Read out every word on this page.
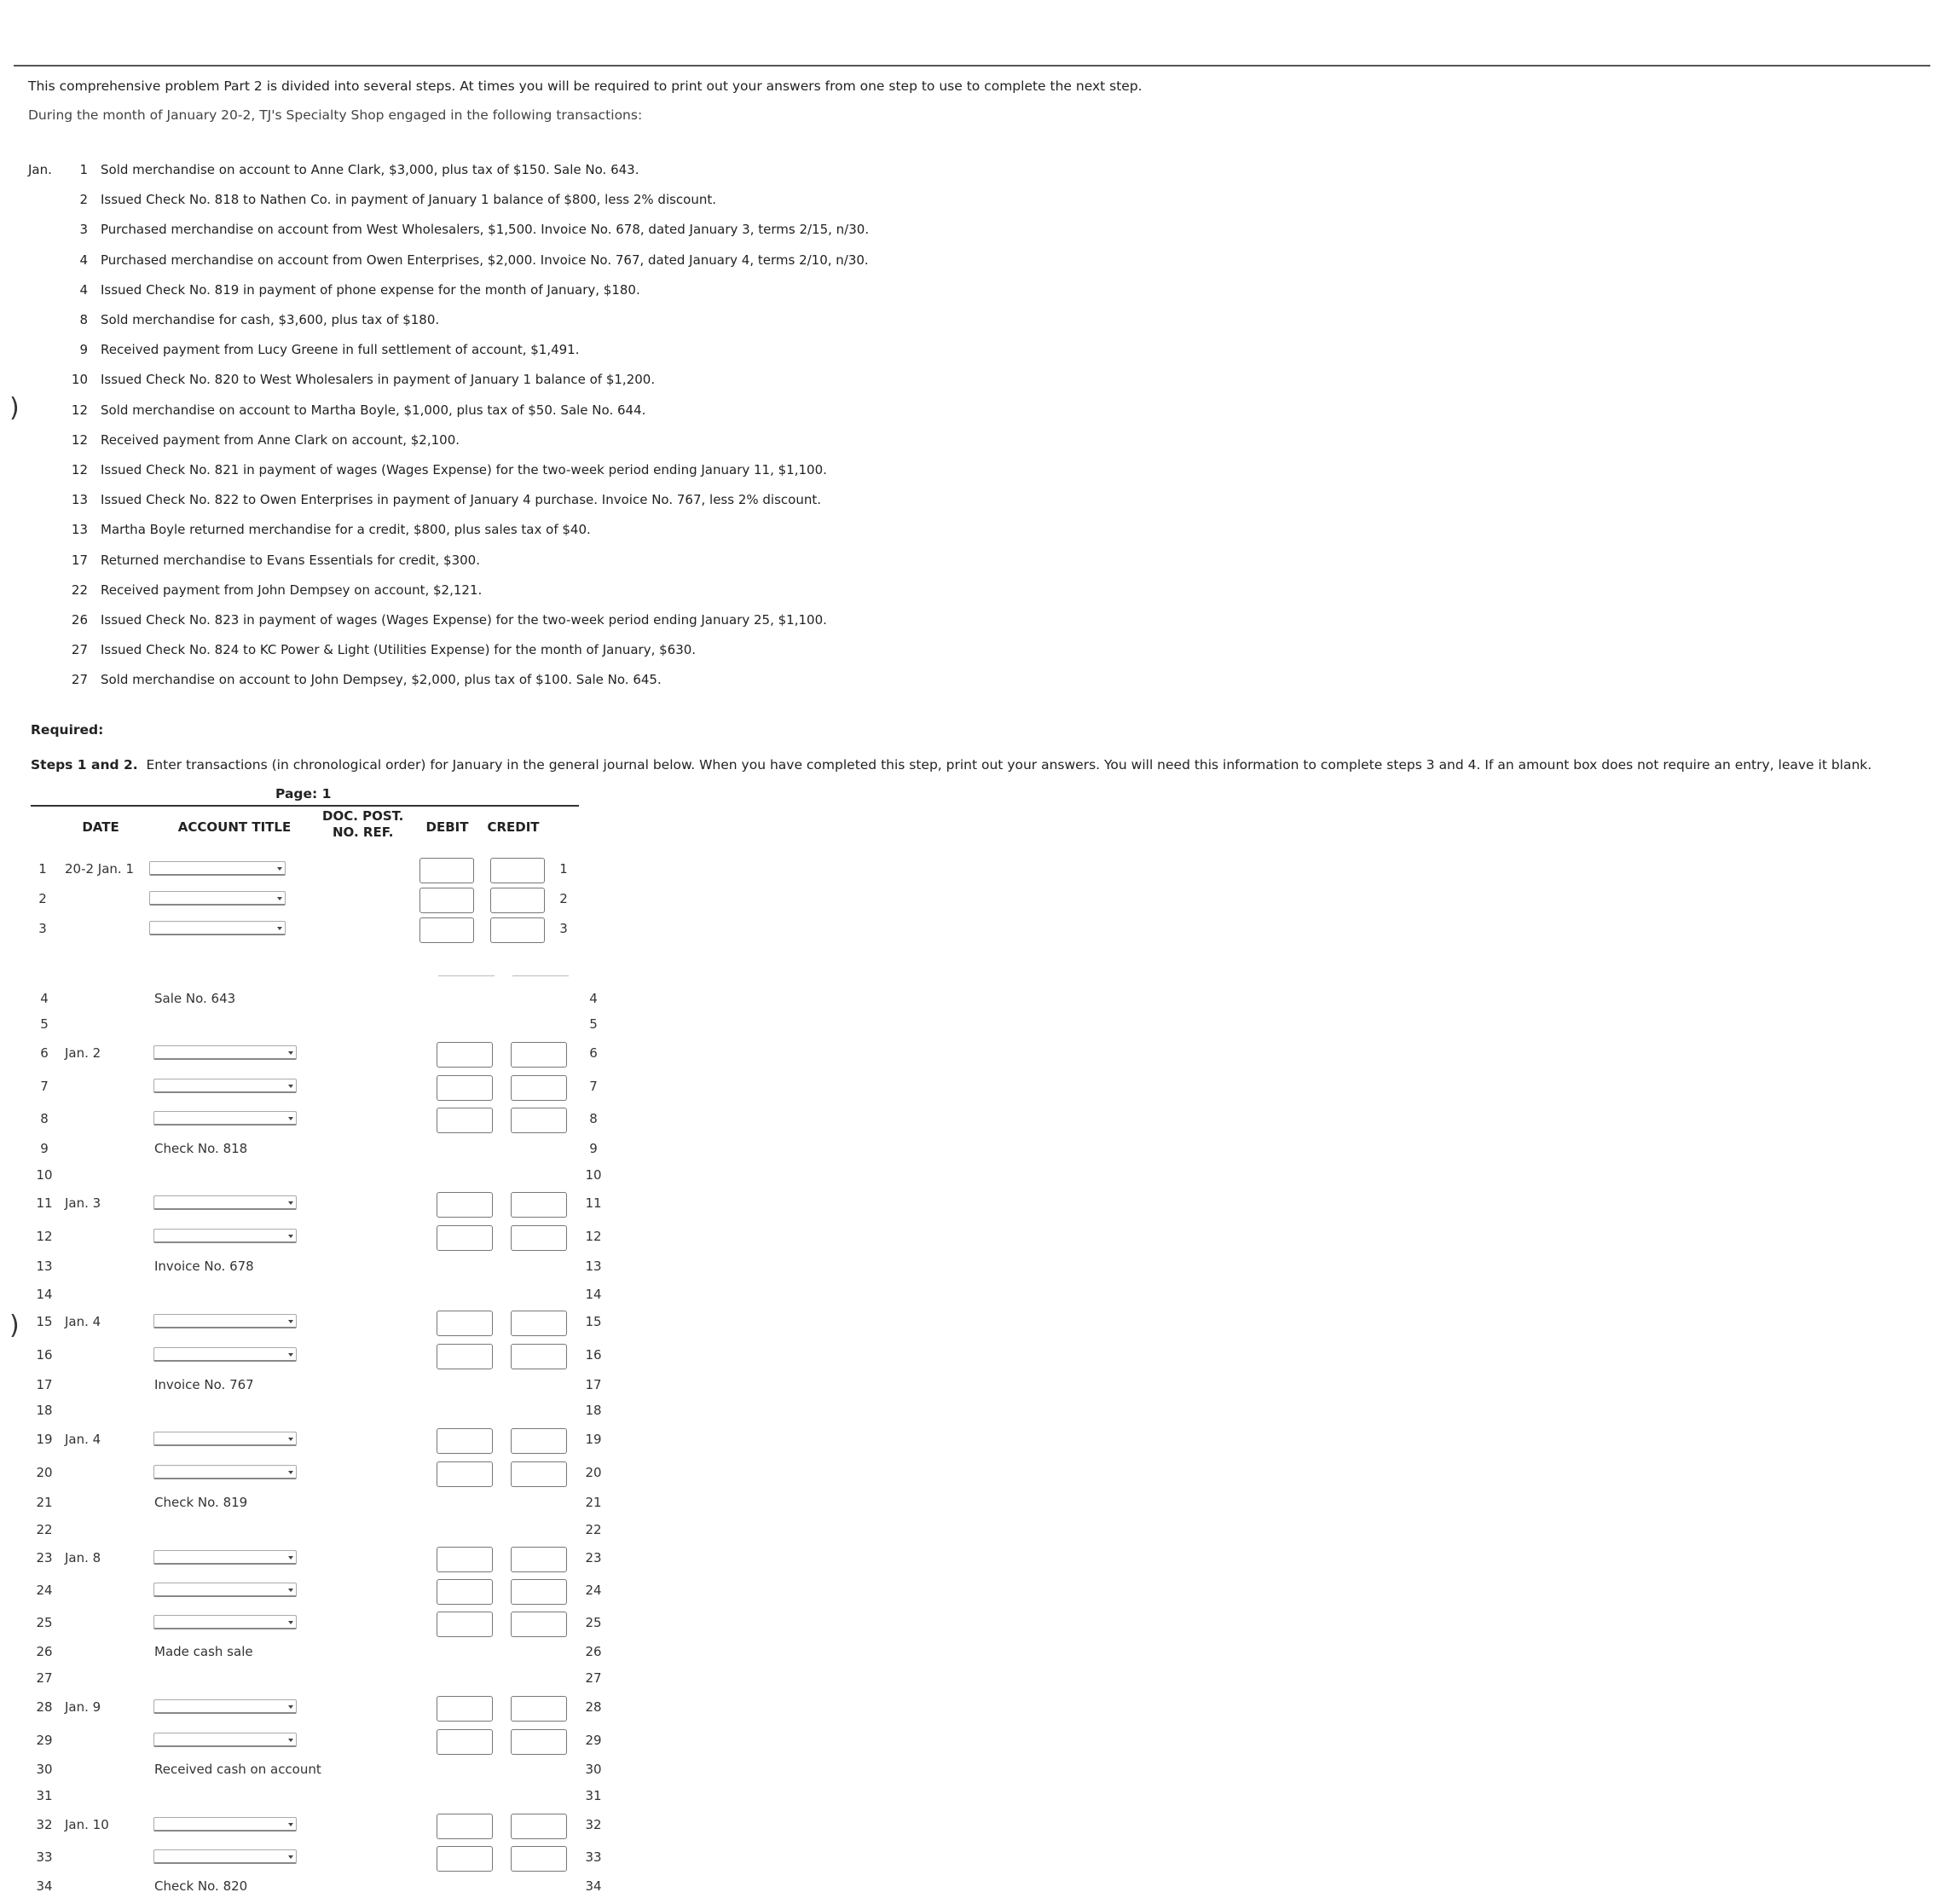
This comprehensive problem Part 2 is divided into several steps. At times you will be required to print out your answers from one step to use to complete the next step.
During the month of January 20-2, TJ's Specialty Shop engaged in the following transactions:
Jan.	1 Sold merchandise on account to Anne Clark, $3,000, plus tax of $150. Sale No. 643.
2 Issued Check No. 818 to Nathen Co. in payment of January 1 balance of $800, less 2% discount.
3 Purchased merchandise on account from West Wholesalers, $1,500. Invoice No. 678, dated January 3, terms 2/15, n/30.
4 Purchased merchandise on account from Owen Enterprises, $2,000. Invoice No. 767, dated January 4, terms 2/10, n/30.
4 Issued Check No. 819 in payment of phone expense for the month of January, $180.
8 Sold merchandise for cash, $3,600, plus tax of $180.
9 Received payment from Lucy Greene in full settlement of account, $1,491.
10 Issued Check No. 820 to West Wholesalers in payment of January 1 balance of $1,200.
12 Sold merchandise on account to Martha Boyle, $1,000, plus tax of $50. Sale No. 644.
12 Received payment from Anne Clark on account, $2,100.
12 Issued Check No. 821 in payment of wages (Wages Expense) for the two-week period ending January 11, $1,100.
13 Issued Check No. 822 to Owen Enterprises in payment of January 4 purchase. Invoice No. 767, less 2% discount.
13 Martha Boyle returned merchandise for a credit, $800, plus sales tax of $40.
17 Returned merchandise to Evans Essentials for credit, $300.
22 Received payment from John Dempsey on account, $2,121.
26 Issued Check No. 823 in payment of wages (Wages Expense) for the two-week period ending January 25, $1,100.
27 Issued Check No. 824 to KC Power & Light (Utilities Expense) for the month of January, $630.
27 Sold merchandise on account to John Dempsey, $2,000, plus tax of $100. Sale No. 645.
)
)
Required:
Steps 1 and 2. Enter transactions (in chronological order) for January in the general journal below. When you have completed this step, print out your answers. You will need this information to complete steps 3 and 4. If an amount box does not require an entry, leave it blank.
Page: 1
DATE	ACCOUNT TITLE
DOC. POST.
NO. REF.	DEBIT	CREDIT
1	20-2 Jan. 1	1
2	2
3	3
4	Sale No. 643	4
5	5
6	Jan. 2	6
7	7
8	8
9	Check No. 818	9
10	10
11 Jan. 3	11
12	12
13	Invoice No. 678	13
14	14
15 Jan. 4	15
16	16
17	Invoice No. 767	17
18	18
19 Jan. 4	19
20	20
21	Check No. 819	21
22	22
23 Jan. 8	23
24	24
25	25
26	Made cash sale	26
27	27
28 Jan. 9	28
29	29
30	Received cash on account	30
31	31
32 Jan. 10	32
33	33
34	Check No. 820	34
